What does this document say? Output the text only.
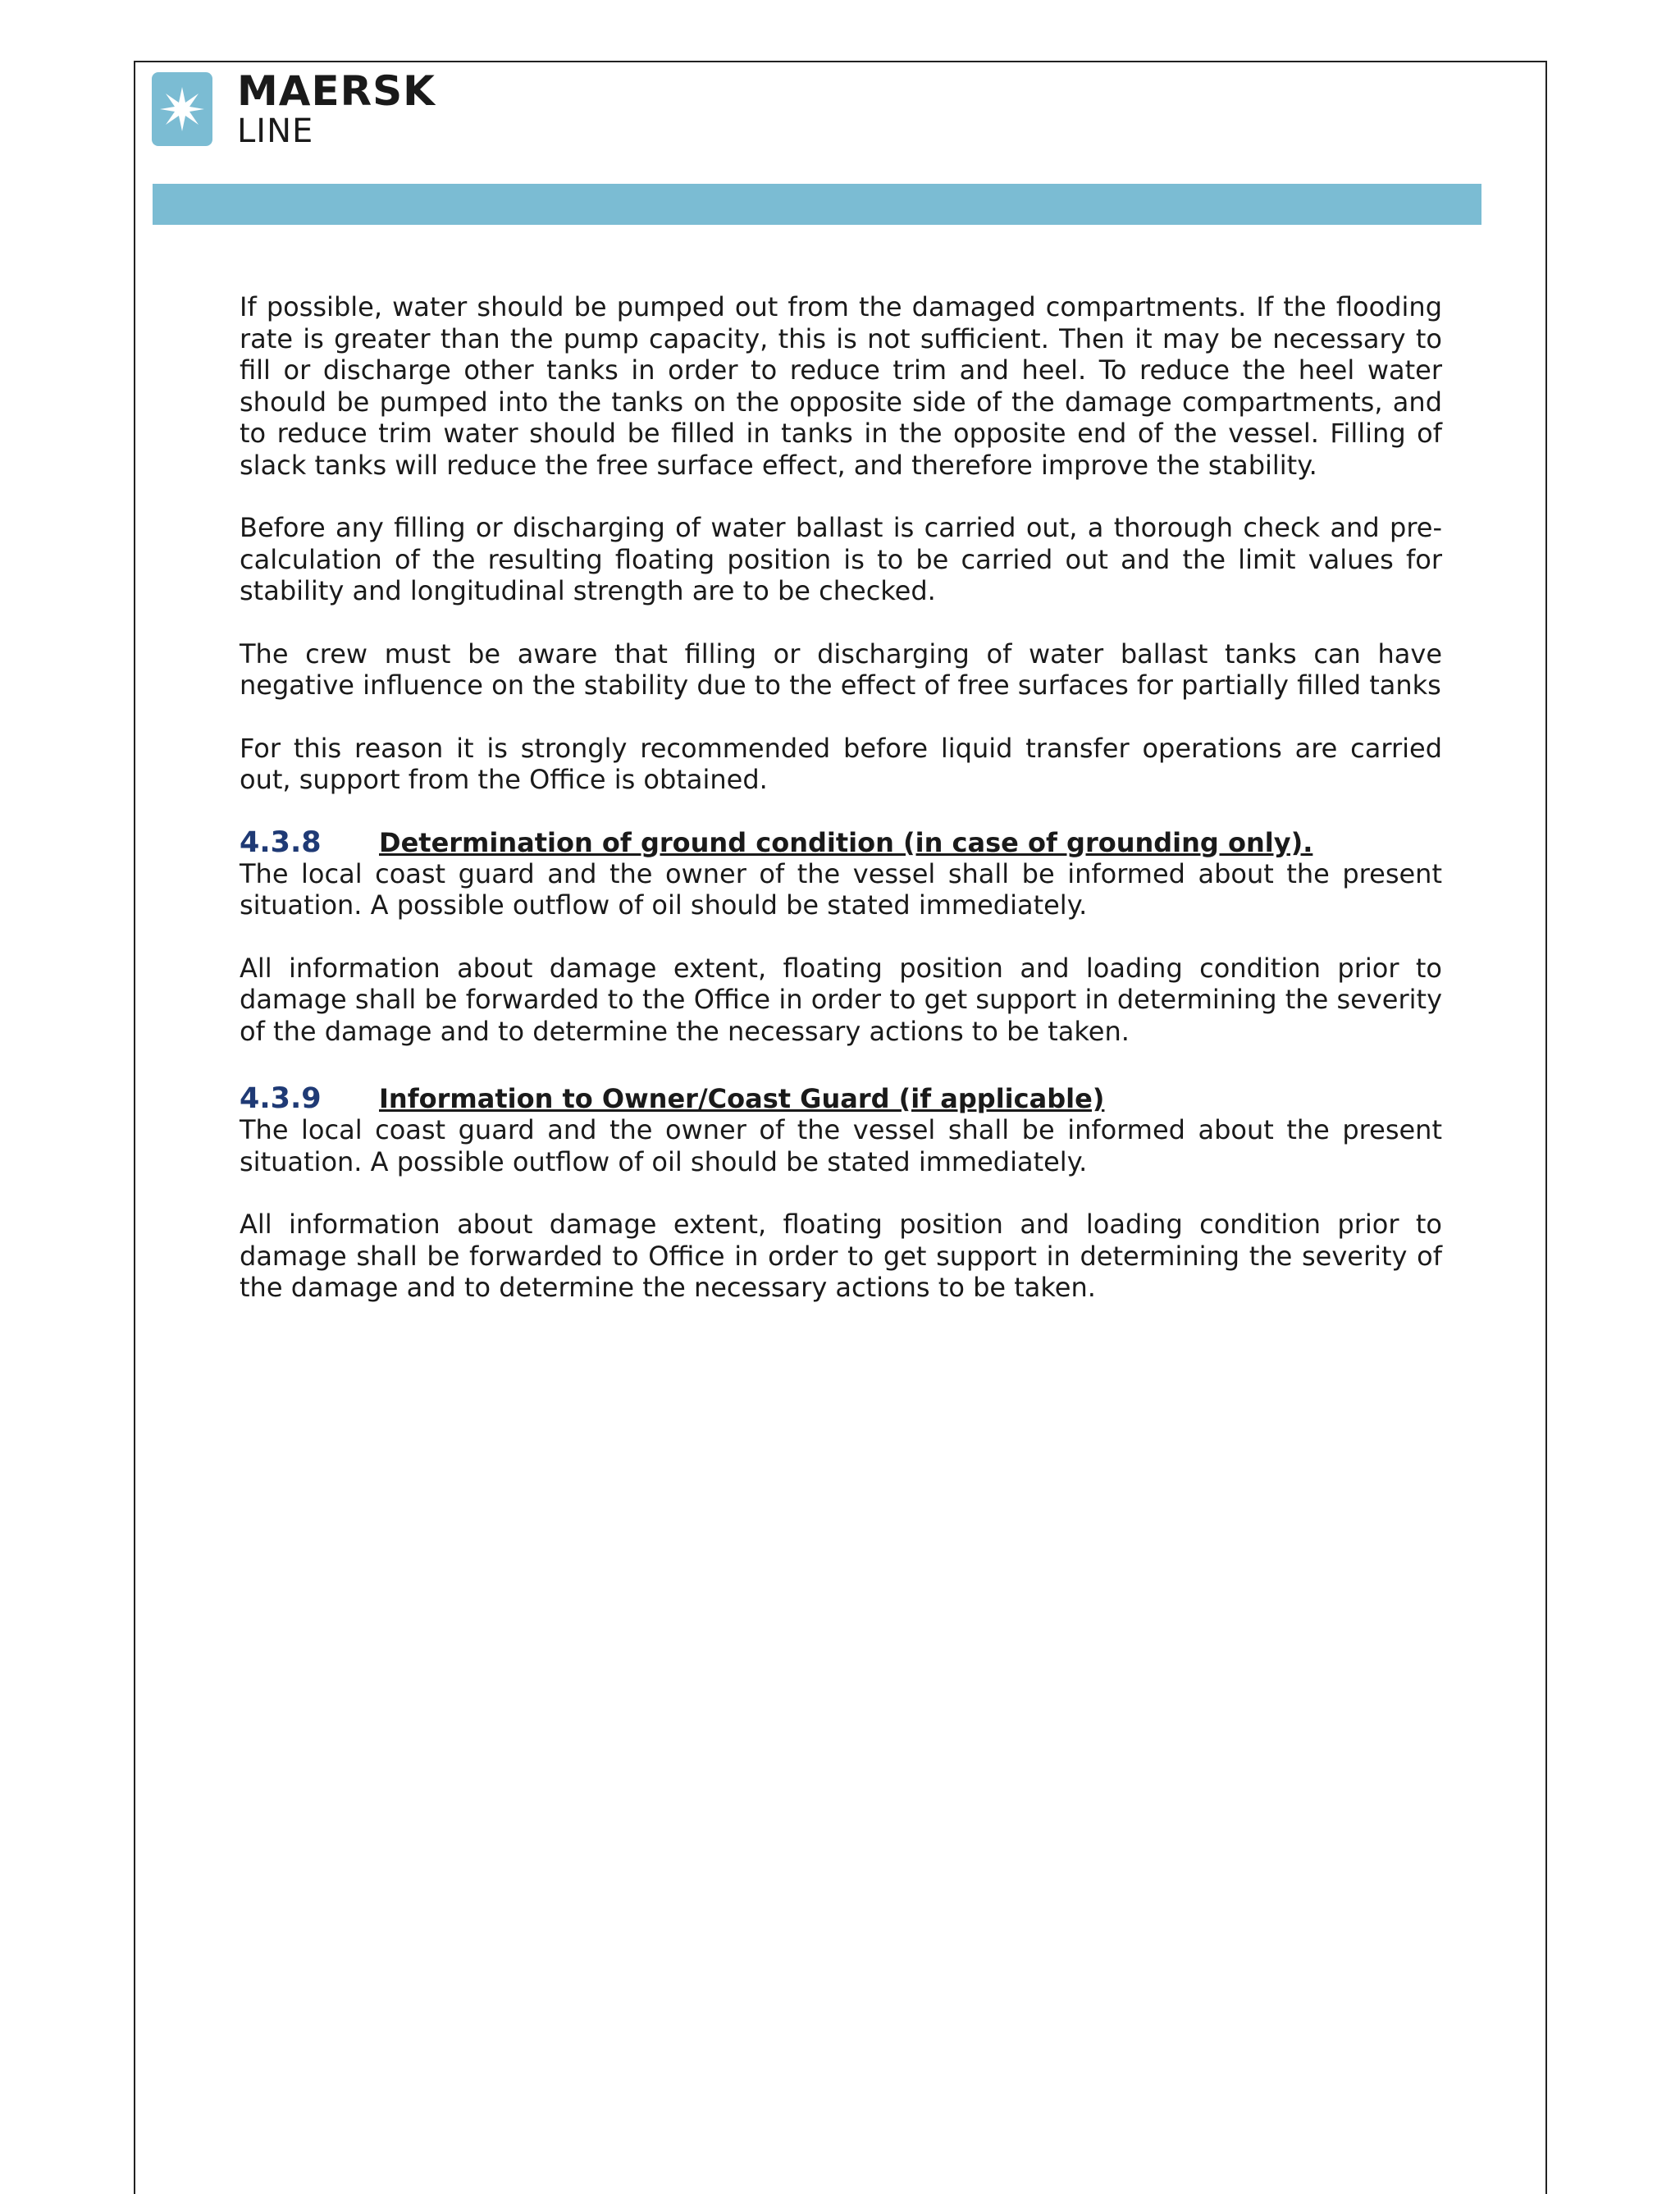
MAERSK
LINE

If possible, water should be pumped out from the damaged compartments. If the flooding rate is greater than the pump capacity, this is not sufficient. Then it may be necessary to fill or discharge other tanks in order to reduce trim and heel. To reduce the heel water should be pumped into the tanks on the opposite side of the damage compartments, and to reduce trim water should be filled in tanks in the opposite end of the vessel. Filling of slack tanks will reduce the free surface effect, and therefore improve the stability.

Before any filling or discharging of water ballast is carried out, a thorough check and pre-calculation of the resulting floating position is to be carried out and the limit values for stability and longitudinal strength are to be checked.

The crew must be aware that filling or discharging of water ballast tanks can have negative influence on the stability due to the effect of free surfaces for partially filled tanks

For this reason it is strongly recommended before liquid transfer operations are carried out, support from the Office is obtained.

4.3.8	Determination of ground condition (in case of grounding only).

The local coast guard and the owner of the vessel shall be informed about the present situation. A possible outflow of oil should be stated immediately.

All information about damage extent, floating position and loading condition prior to damage shall be forwarded to the Office in order to get support in determining the severity of the damage and to determine the necessary actions to be taken.

4.3.9	Information to Owner/Coast Guard (if applicable)

The local coast guard and the owner of the vessel shall be informed about the present situation. A possible outflow of oil should be stated immediately.

All information about damage extent, floating position and loading condition prior to damage shall be forwarded to Office in order to get support in determining the severity of the damage and to determine the necessary actions to be taken.
